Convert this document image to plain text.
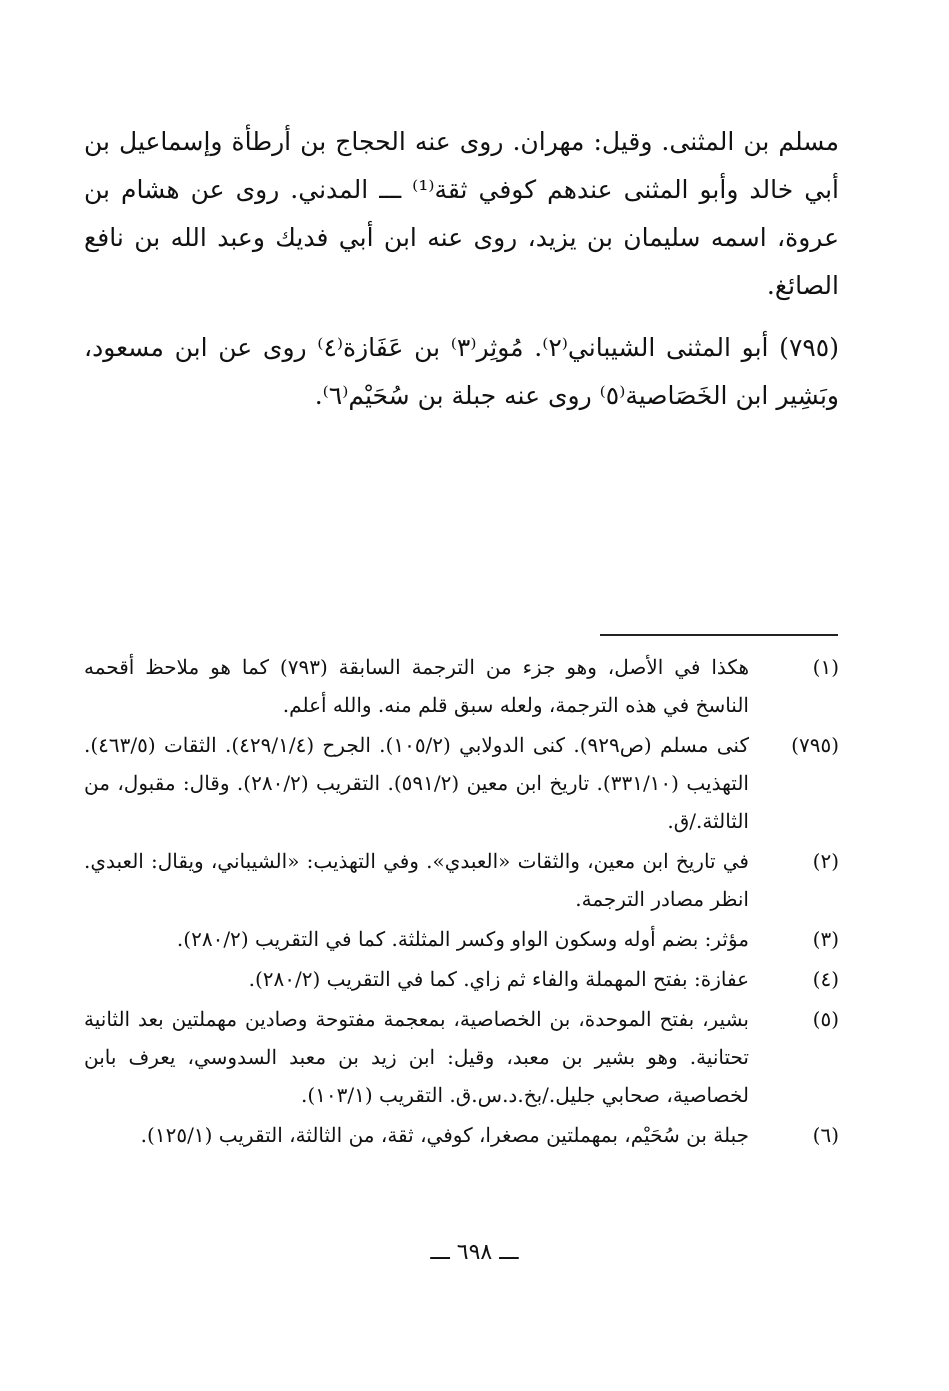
مسلم بن المثنى. وقيل: مهران. روى عنه الحجاج بن أرطأة وإسماعيل بن أبي خالد وأبو المثنى عندهم كوفي ثقة⁽¹⁾ ـــ المدني. روى عن هشام بن عروة، اسمه سليمان بن يزيد، روى عنه ابن أبي فديك وعبد الله بن نافع الصائغ.

(٧٩٥) أبو المثنى الشيباني⁽٢⁾. مُوثِر⁽٣⁾ بن عَفَازة⁽٤⁾ روى عن ابن مسعود، وبَشِير ابن الخَصَاصية⁽٥⁾ روى عنه جبلة بن سُحَيْم⁽٦⁾.

(١)
هكذا في الأصل، وهو جزء من الترجمة السابقة (٧٩٣) كما هو ملاحظ أقحمه الناسخ في هذه الترجمة، ولعله سبق قلم منه. والله أعلم.
(٧٩٥)
كنى مسلم (ص٩٢٩). كنى الدولابي (١٠٥/٢). الجرح (٤٢٩/١/٤). الثقات (٤٦٣/٥). التهذيب (٣٣١/١٠). تاريخ ابن معين (٥٩١/٢). التقريب (٢٨٠/٢). وقال: مقبول، من الثالثة./ق.
(٢)
في تاريخ ابن معين، والثقات «العبدي». وفي التهذيب: «الشيباني، ويقال: العبدي. انظر مصادر الترجمة.
(٣)
مؤثر: بضم أوله وسكون الواو وكسر المثلثة. كما في التقريب (٢٨٠/٢).
(٤)
عفازة: بفتح المهملة والفاء ثم زاي. كما في التقريب (٢٨٠/٢).
(٥)
بشير، بفتح الموحدة، بن الخصاصية، بمعجمة مفتوحة وصادين مهملتين بعد الثانية تحتانية. وهو بشير بن معبد، وقيل: ابن زيد بن معبد السدوسي، يعرف بابن لخصاصية، صحابي جليل./بخ.د.س.ق. التقريب (١٠٣/١).
(٦)
جبلة بن سُحَيْم، بمهملتين مصغرا، كوفي، ثقة، من الثالثة، التقريب (١٢٥/١).
ـــ ٦٩٨ ـــ
